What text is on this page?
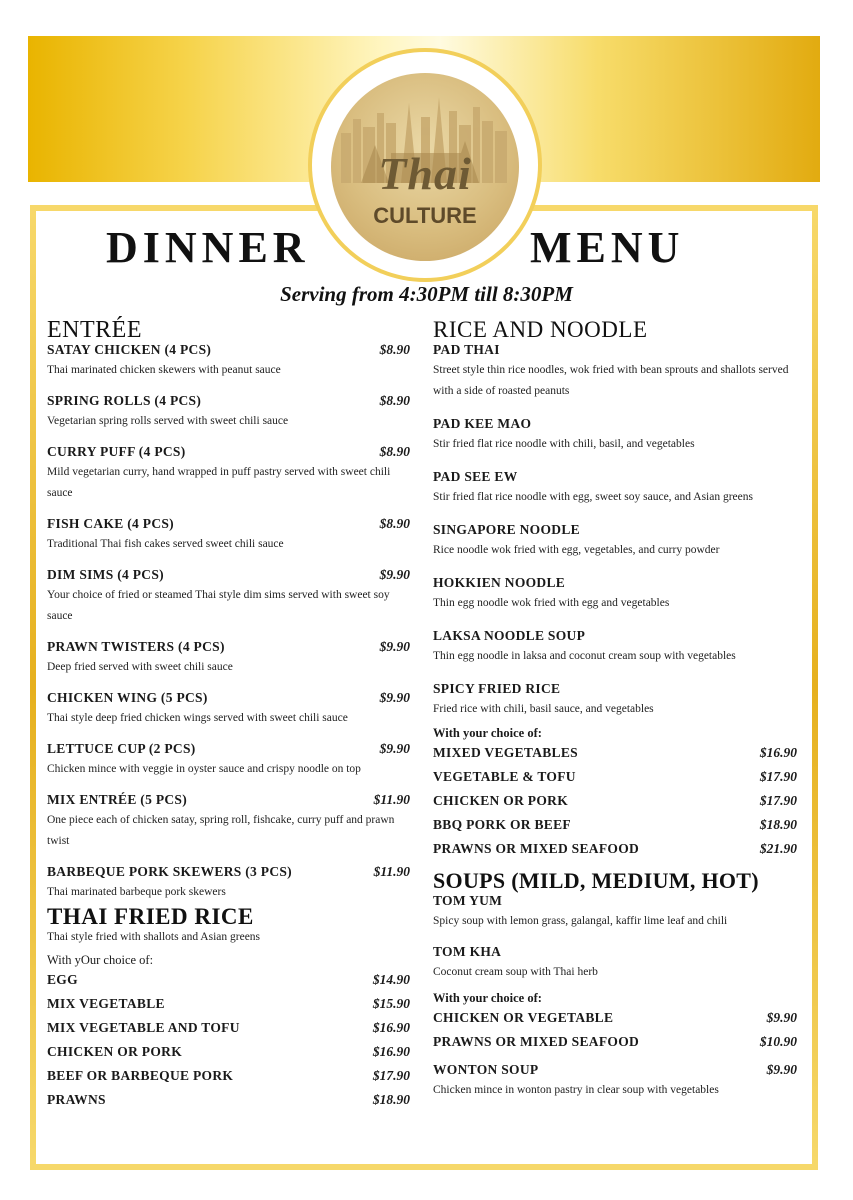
Thai
CULTURE
DINNER	MENU
Serving from 4:30PM till 8:30PM
ENTRÉE
SATAY CHICKEN (4 PCS)	$8.90
Thai marinated chicken skewers with peanut sauce
SPRING ROLLS (4 PCS)	$8.90
Vegetarian spring rolls served with sweet chili sauce
CURRY PUFF (4 PCS)	$8.90
Mild vegetarian curry, hand wrapped in puff pastry served with sweet chili sauce
FISH CAKE (4 PCS)	$8.90
Traditional Thai fish cakes served sweet chili sauce
DIM SIMS (4 PCS)	$9.90
Your choice of fried or steamed Thai style dim sims served with sweet soy sauce
PRAWN TWISTERS (4 PCS)	$9.90
Deep fried served with sweet chili sauce
CHICKEN WING (5 PCS)	$9.90
Thai style deep fried chicken wings served with sweet chili sauce
LETTUCE CUP (2 PCS)	$9.90
Chicken mince with veggie in oyster sauce and crispy noodle on top
MIX ENTRÉE (5 PCS)	$11.90
One piece each of chicken satay, spring roll, fishcake, curry puff and prawn twist
BARBEQUE PORK SKEWERS (3 PCS)	$11.90
Thai marinated barbeque pork skewers
THAI FRIED RICE
Thai style fried with shallots and Asian greens
With yOur choice of:
EGG	$14.90
MIX VEGETABLE	$15.90
MIX VEGETABLE AND TOFU	$16.90
CHICKEN OR PORK	$16.90
BEEF OR BARBEQUE PORK	$17.90
PRAWNS	$18.90
RICE AND NOODLE
PAD THAI
Street style thin rice noodles, wok fried with bean sprouts and shallots served with a side of roasted peanuts
PAD KEE MAO
Stir fried flat rice noodle with chili, basil, and vegetables
PAD SEE EW
Stir fried flat rice noodle with egg, sweet soy sauce, and Asian greens
SINGAPORE NOODLE
Rice noodle wok fried with egg, vegetables, and curry powder
HOKKIEN NOODLE
Thin egg noodle wok fried with egg and vegetables
LAKSA NOODLE SOUP
Thin egg noodle in laksa and coconut cream soup with vegetables
SPICY FRIED RICE
Fried rice with chili, basil sauce, and vegetables
With your choice of:
MIXED VEGETABLES	$16.90
VEGETABLE & TOFU	$17.90
CHICKEN OR PORK	$17.90
BBQ PORK OR BEEF	$18.90
PRAWNS OR MIXED SEAFOOD	$21.90
SOUPS (MILD, MEDIUM, HOT)
TOM YUM
Spicy soup with lemon grass, galangal, kaffir lime leaf and chili
TOM KHA
Coconut cream soup with Thai herb
With your choice of:
CHICKEN OR VEGETABLE	$9.90
PRAWNS OR MIXED SEAFOOD	$10.90
WONTON SOUP	$9.90
Chicken mince in wonton pastry in clear soup with vegetables
